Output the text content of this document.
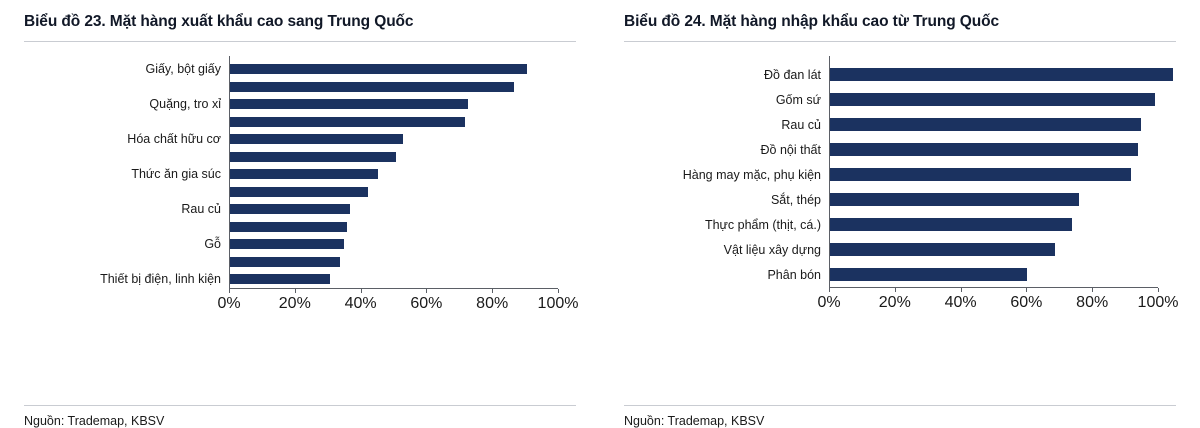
Biểu đồ 23. Mặt hàng xuất khẩu cao sang Trung Quốc
Giấy, bột giấy
Quặng, tro xỉ
Hóa chất hữu cơ
Thức ăn gia súc
Rau củ
Gỗ
Thiết bị điện, linh kiện
0% 20% 40% 60% 80% 100%
Nguồn: Trademap, KBSV
Biểu đồ 24. Mặt hàng nhập khẩu cao từ Trung Quốc
Đồ đan lát
Gốm sứ
Rau củ
Đồ nội thất
Hàng may mặc, phụ kiện
Sắt, thép
Thực phẩm (thịt, cá.)
Vật liệu xây dựng
Phân bón
0% 20% 40% 60% 80% 100%
Nguồn: Trademap, KBSV
